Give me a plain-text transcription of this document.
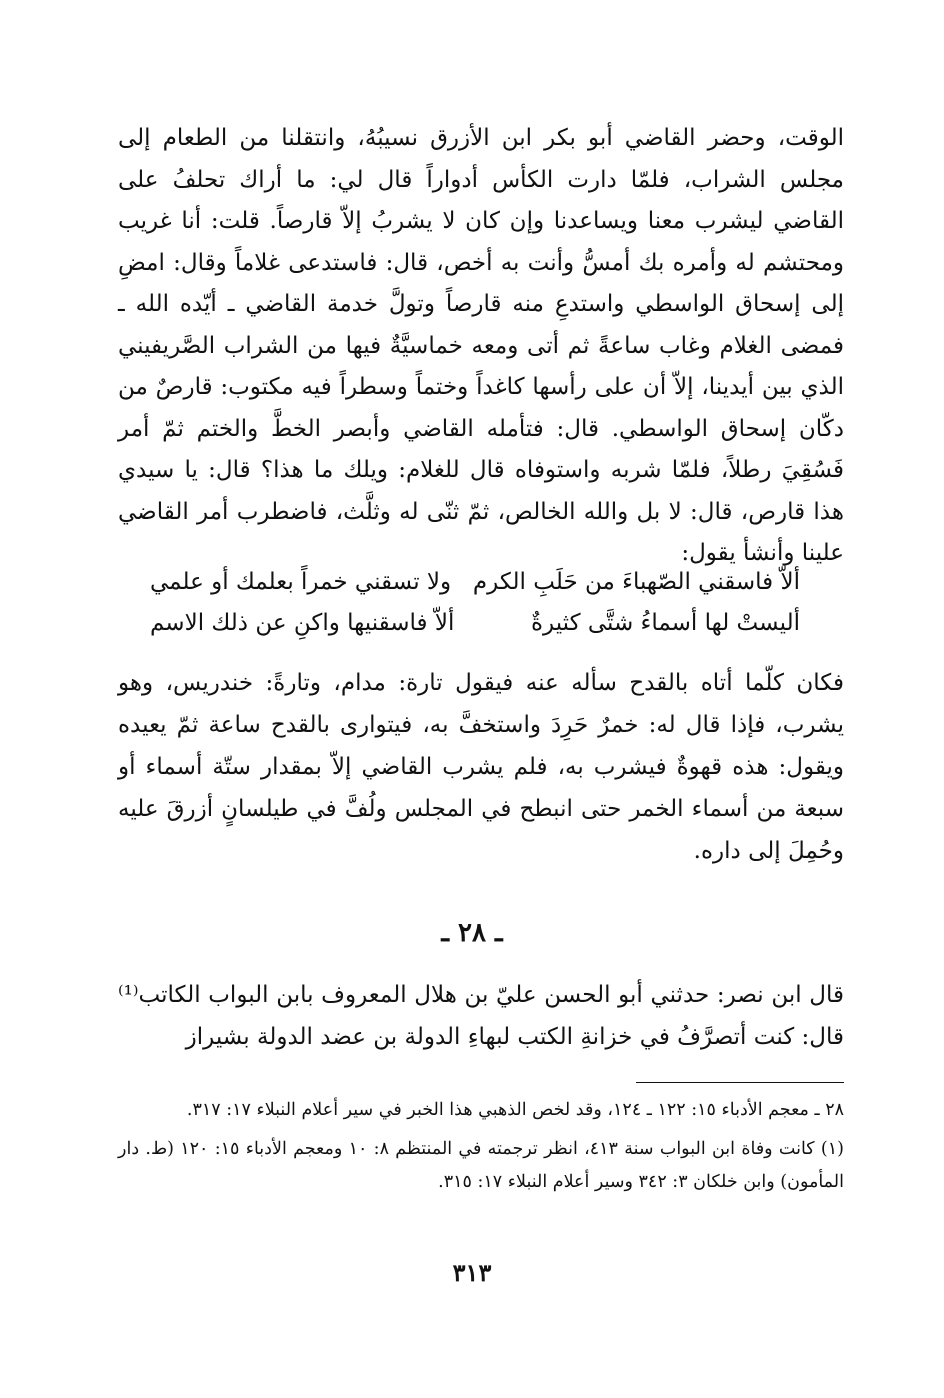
الوقت، وحضر القاضي أبو بكر ابن الأزرق نسيبُهُ، وانتقلنا من الطعام إلى مجلس الشراب، فلمّا دارت الكأس أدواراً قال لي: ما أراك تحلفُ على القاضي ليشرب معنا ويساعدنا وإن كان لا يشربُ إلاّ قارصاً. قلت: أنا غريب ومحتشم له وأمره بك أمسُّ وأنت به أخص، قال: فاستدعى غلاماً وقال: امضِ إلى إسحاق الواسطي واستدعِ منه قارصاً وتولَّ خدمة القاضي ـ أيّده الله ـ فمضى الغلام وغاب ساعةً ثم أتى ومعه خماسيَّةٌ فيها من الشراب الصَّريفيني الذي بين أيدينا، إلاّ أن على رأسها كاغداً وختماً وسطراً فيه مكتوب: قارصٌ من دكّان إسحاق الواسطي. قال: فتأمله القاضي وأبصر الخطَّ والختم ثمّ أمر فَسُقِيَ رطلاً، فلمّا شربه واستوفاه قال للغلام: ويلك ما هذا؟ قال: يا سيدي هذا قارص، قال: لا بل والله الخالص، ثمّ ثنّى له وثلَّث، فاضطرب أمر القاضي علينا وأنشأ يقول:

ألاّ فاسقني الصّهباءَ من حَلَبِ الكرم
ولا تسقني خمراً بعلمك أو علمي
أليستْ لها أسماءُ شتَّى كثيرةٌ
ألاّ فاسقنيها واكنِ عن ذلك الاسم

فكان كلّما أتاه بالقدح سأله عنه فيقول تارة: مدام، وتارةً: خندريس، وهو يشرب، فإذا قال له: خمرٌ حَرِدَ واستخفَّ به، فيتوارى بالقدح ساعة ثمّ يعيده ويقول: هذه قهوةٌ فيشرب به، فلم يشرب القاضي إلاّ بمقدار ستّة أسماء أو سبعة من أسماء الخمر حتى انبطح في المجلس ولُفَّ في طيلسانٍ أزرقَ عليه وحُمِلَ إلى داره.

ـ ٢٨ ـ

قال ابن نصر: حدثني أبو الحسن عليّ بن هلال المعروف بابن البواب الكاتب⁽¹⁾ قال: كنت أتصرَّفُ في خزانةِ الكتب لبهاءِ الدولة بن عضد الدولة بشيراز

٢٨ ـ معجم الأدباء ١٥: ١٢٢ ـ ١٢٤، وقد لخص الذهبي هذا الخبر في سير أعلام النبلاء ١٧: ٣١٧.

(١) كانت وفاة ابن البواب سنة ٤١٣، انظر ترجمته في المنتظم ٨: ١٠ ومعجم الأدباء ١٥: ١٢٠ (ط. دار المأمون) وابن خلكان ٣: ٣٤٢ وسير أعلام النبلاء ١٧: ٣١٥.

٣١٣
